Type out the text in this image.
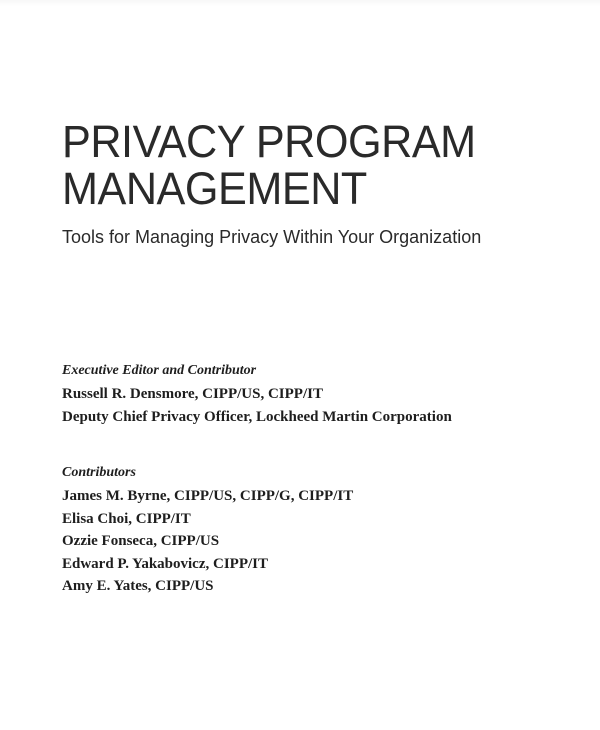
PRIVACY PROGRAM
MANAGEMENT
Tools for Managing Privacy Within Your Organization
Executive Editor and Contributor
Russell R. Densmore, CIPP/US, CIPP/IT
Deputy Chief Privacy Officer, Lockheed Martin Corporation
Contributors
James M. Byrne, CIPP/US, CIPP/G, CIPP/IT
Elisa Choi, CIPP/IT
Ozzie Fonseca, CIPP/US
Edward P. Yakabovicz, CIPP/IT
Amy E. Yates, CIPP/US
